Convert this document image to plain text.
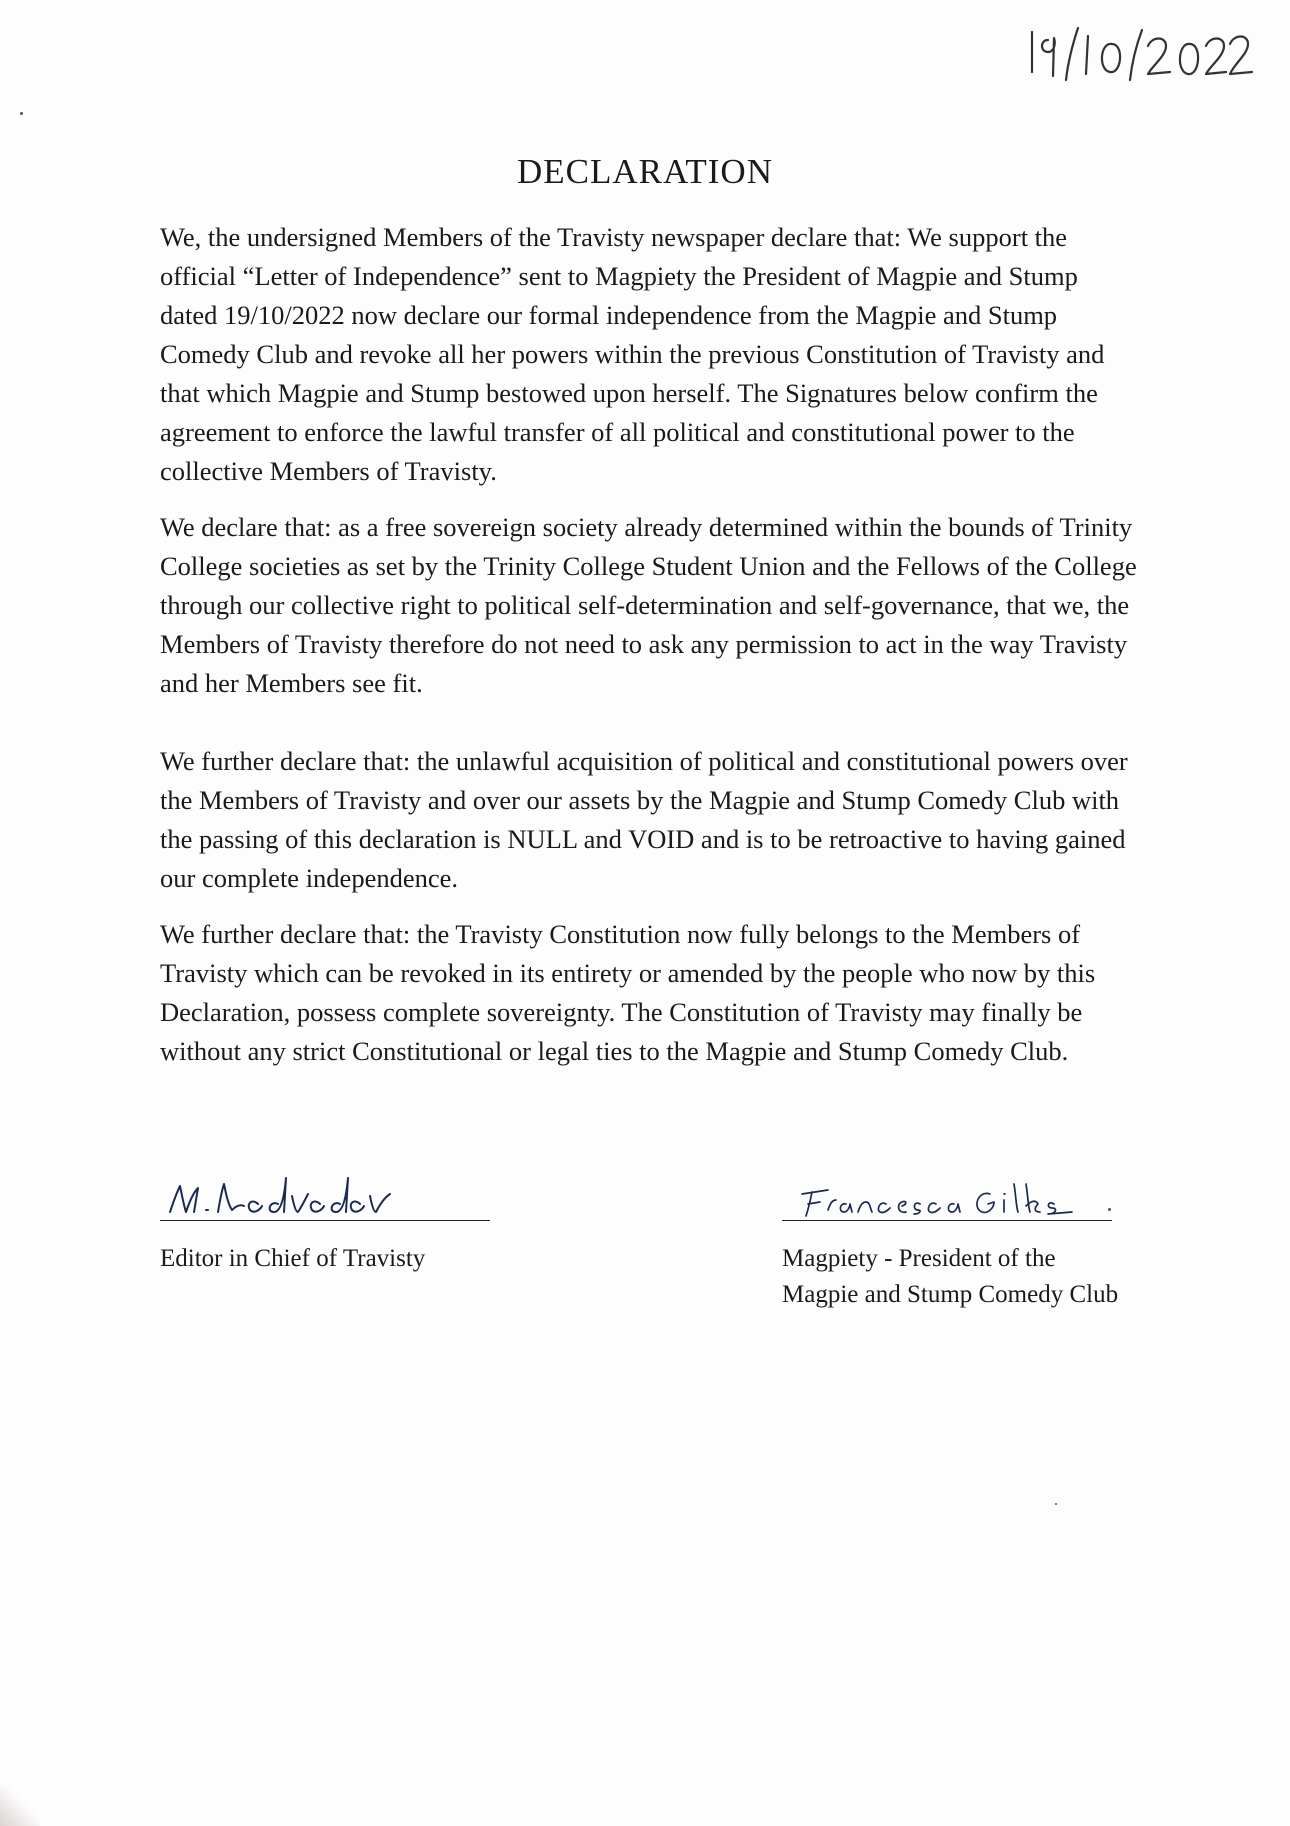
DECLARATION

We, the undersigned Members of the Travisty newspaper declare that: We support the official “Letter of Independence” sent to Magpiety the President of Magpie and Stump dated 19/10/2022 now declare our formal independence from the Magpie and Stump Comedy Club and revoke all her powers within the previous Constitution of Travisty and that which Magpie and Stump bestowed upon herself. The Signatures below confirm the agreement to enforce the lawful transfer of all political and constitutional power to the collective Members of Travisty.

We declare that: as a free sovereign society already determined within the bounds of Trinity College societies as set by the Trinity College Student Union and the Fellows of the College through our collective right to political self-determination and self-governance, that we, the Members of Travisty therefore do not need to ask any permission to act in the way Travisty and her Members see fit.

We further declare that: the unlawful acquisition of political and constitutional powers over the Members of Travisty and over our assets by the Magpie and Stump Comedy Club with the passing of this declaration is NULL and VOID and is to be retroactive to having gained our complete independence.

We further declare that: the Travisty Constitution now fully belongs to the Members of Travisty which can be revoked in its entirety or amended by the people who now by this Declaration, possess complete sovereignty. The Constitution of Travisty may finally be without any strict Constitutional or legal ties to the Magpie and Stump Comedy Club.

Editor in Chief of Travisty	Magpiety - President of the Magpie and Stump Comedy Club
